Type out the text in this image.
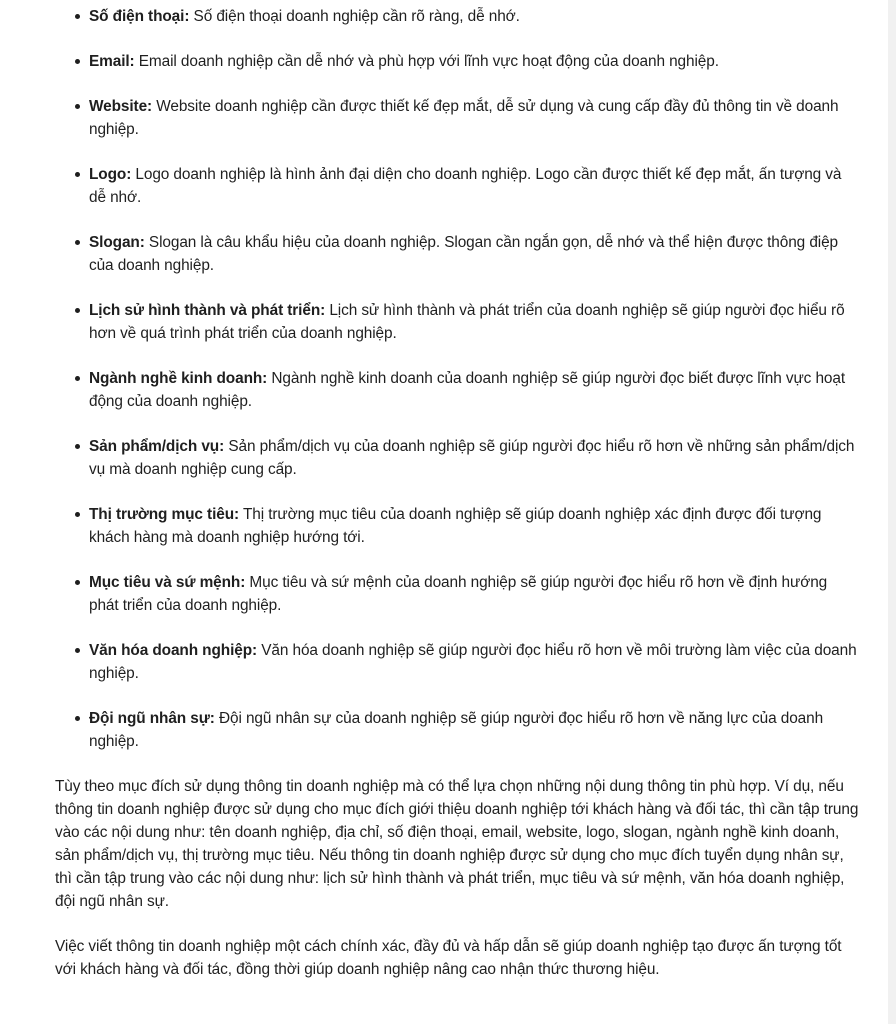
Số điện thoại: Số điện thoại doanh nghiệp cần rõ ràng, dễ nhớ.
Email: Email doanh nghiệp cần dễ nhớ và phù hợp với lĩnh vực hoạt động của doanh nghiệp.
Website: Website doanh nghiệp cần được thiết kế đẹp mắt, dễ sử dụng và cung cấp đầy đủ thông tin về doanh nghiệp.
Logo: Logo doanh nghiệp là hình ảnh đại diện cho doanh nghiệp. Logo cần được thiết kế đẹp mắt, ấn tượng và dễ nhớ.
Slogan: Slogan là câu khẩu hiệu của doanh nghiệp. Slogan cần ngắn gọn, dễ nhớ và thể hiện được thông điệp của doanh nghiệp.
Lịch sử hình thành và phát triển: Lịch sử hình thành và phát triển của doanh nghiệp sẽ giúp người đọc hiểu rõ hơn về quá trình phát triển của doanh nghiệp.
Ngành nghề kinh doanh: Ngành nghề kinh doanh của doanh nghiệp sẽ giúp người đọc biết được lĩnh vực hoạt động của doanh nghiệp.
Sản phẩm/dịch vụ: Sản phẩm/dịch vụ của doanh nghiệp sẽ giúp người đọc hiểu rõ hơn về những sản phẩm/dịch vụ mà doanh nghiệp cung cấp.
Thị trường mục tiêu: Thị trường mục tiêu của doanh nghiệp sẽ giúp doanh nghiệp xác định được đối tượng khách hàng mà doanh nghiệp hướng tới.
Mục tiêu và sứ mệnh: Mục tiêu và sứ mệnh của doanh nghiệp sẽ giúp người đọc hiểu rõ hơn về định hướng phát triển của doanh nghiệp.
Văn hóa doanh nghiệp: Văn hóa doanh nghiệp sẽ giúp người đọc hiểu rõ hơn về môi trường làm việc của doanh nghiệp.
Đội ngũ nhân sự: Đội ngũ nhân sự của doanh nghiệp sẽ giúp người đọc hiểu rõ hơn về năng lực của doanh nghiệp.

Tùy theo mục đích sử dụng thông tin doanh nghiệp mà có thể lựa chọn những nội dung thông tin phù hợp. Ví dụ, nếu thông tin doanh nghiệp được sử dụng cho mục đích giới thiệu doanh nghiệp tới khách hàng và đối tác, thì cần tập trung vào các nội dung như: tên doanh nghiệp, địa chỉ, số điện thoại, email, website, logo, slogan, ngành nghề kinh doanh, sản phẩm/dịch vụ, thị trường mục tiêu. Nếu thông tin doanh nghiệp được sử dụng cho mục đích tuyển dụng nhân sự, thì cần tập trung vào các nội dung như: lịch sử hình thành và phát triển, mục tiêu và sứ mệnh, văn hóa doanh nghiệp, đội ngũ nhân sự.

Việc viết thông tin doanh nghiệp một cách chính xác, đầy đủ và hấp dẫn sẽ giúp doanh nghiệp tạo được ấn tượng tốt với khách hàng và đối tác, đồng thời giúp doanh nghiệp nâng cao nhận thức thương hiệu.
